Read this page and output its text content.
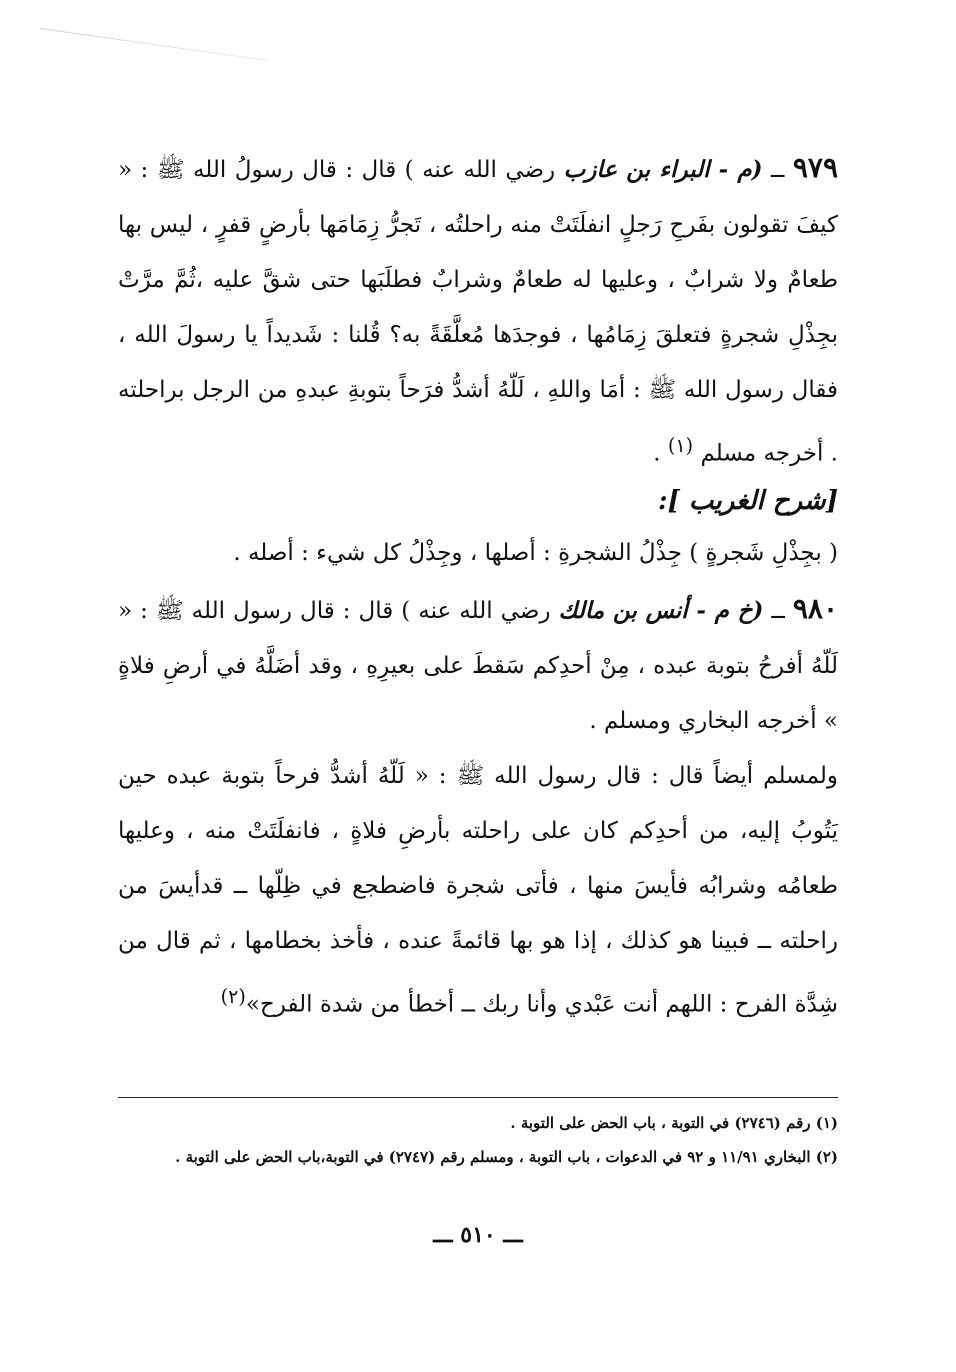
٩٧٩ ــ (م - البراء بن عازب رضي الله عنه ) قال : قال رسولُ الله ﷺ : « كيفَ تقولون بفَرحِ رَجلٍ انفلَتَتْ منه راحلتُه ، تَجرُّ زِمَامَها بأرضٍ قفرٍ ، ليس بها طعامٌ ولا شرابٌ ، وعليها له طعامٌ وشرابٌ فطلَبَها حتى شقَّ عليه ،ثُمَّ مرَّتْ بجِذْلِ شجرةٍ فتعلقَ زِمَامُها ، فوجدَها مُعلَّقَةً به؟ قُلنا : شَديداً يا رسولَ الله ، فقال رسول الله ﷺ : أمَا واللهِ ، لَلّهُ أشدُّ فرَحاً بتوبةِ عبدهِ من الرجل براحلته . أخرجه مسلم $^{(١)}$ .

[شرح الغريب ]:

( بجِذْلِ شَجرةٍ ) جِذْلُ الشجرةِ : أصلها ، وجِذْلُ كل شيء : أصله .

٩٨٠ ــ (خ م - أنس بن مالك رضي الله عنه ) قال : قال رسول الله ﷺ : « لَلّهُ أفرحُ بتوبة عبده ، مِنْ أحدِكم سَقطَ على بعيرِهِ ، وقد أضَلَّهُ في أرضِ فلاةٍ » أخرجه البخاري ومسلم .

ولمسلم أيضاً قال : قال رسول الله ﷺ : « لَلّهُ أشدُّ فرحاً بتوبة عبده حين يَتُوبُ إليه، من أحدِكم كان على راحلته بأرضِ فلاةٍ ، فانفلَتَتْ منه ، وعليها طعامُه وشرابُه فأيسَ منها ، فأتى شجرة فاضطجع في ظِلّها ــ قدأيسَ من راحلته ــ فبينا هو كذلك ، إذا هو بها قائمةً عنده ، فأخذ بخطامها ، ثم قال من شِدَّة الفرح : اللهم أنت عَبْدي وأنا ربك ــ أخطأ من شدة الفرح»$^{(٢)}$

(١) رقم (٢٧٤٦) في التوبة ، باب الحض على التوبة .

(٢) البخاري ١١/٩١ و ٩٢ في الدعوات ، باب التوبة ، ومسلم رقم (٢٧٤٧) في التوبة،باب الحض على التوبة .

ـــ ٥١٠ ـــ
